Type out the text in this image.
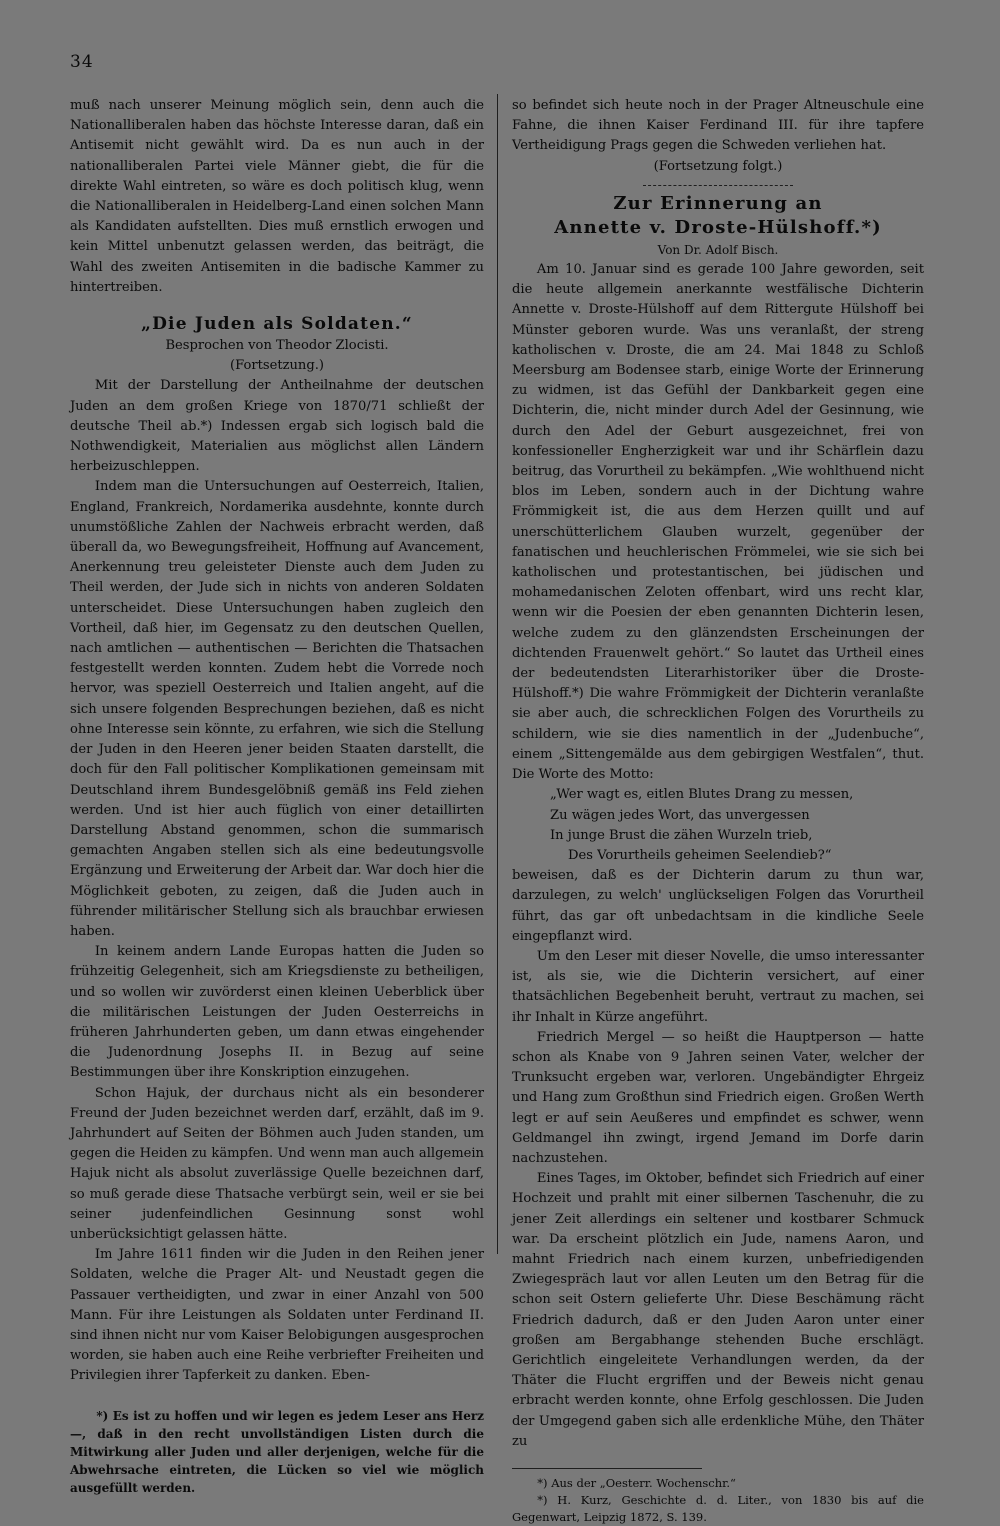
34

muß nach unserer Meinung möglich sein, denn auch die Nationalliberalen haben das höchste Interesse daran, daß ein Antisemit nicht gewählt wird. Da es nun auch in der nationalliberalen Partei viele Männer giebt, die für die direkte Wahl eintreten, so wäre es doch politisch klug, wenn die Nationalliberalen in Heidelberg-Land einen solchen Mann als Kandidaten aufstellten. Dies muß ernstlich erwogen und kein Mittel unbenutzt gelassen werden, das beiträgt, die Wahl des zweiten Antisemiten in die badische Kammer zu hintertreiben.

„Die Juden als Soldaten.“
Besprochen von Theodor Zlocisti.
(Fortsetzung.)

Mit der Darstellung der Antheilnahme der deutschen Juden an dem großen Kriege von 1870/71 schließt der deutsche Theil ab.*) Indessen ergab sich logisch bald die Nothwendigkeit, Materialien aus möglichst allen Ländern herbeizuschleppen.

Indem man die Untersuchungen auf Oesterreich, Italien, England, Frankreich, Nordamerika ausdehnte, konnte durch unumstößliche Zahlen der Nachweis erbracht werden, daß überall da, wo Bewegungsfreiheit, Hoffnung auf Avancement, Anerkennung treu geleisteter Dienste auch dem Juden zu Theil werden, der Jude sich in nichts von anderen Soldaten unterscheidet. Diese Untersuchungen haben zugleich den Vortheil, daß hier, im Gegensatz zu den deutschen Quellen, nach amtlichen — authentischen — Berichten die Thatsachen festgestellt werden konnten. Zudem hebt die Vorrede noch hervor, was speziell Oesterreich und Italien angeht, auf die sich unsere folgenden Besprechungen beziehen, daß es nicht ohne Interesse sein könnte, zu erfahren, wie sich die Stellung der Juden in den Heeren jener beiden Staaten darstellt, die doch für den Fall politischer Komplikationen gemeinsam mit Deutschland ihrem Bundesgelöbniß gemäß ins Feld ziehen werden. Und ist hier auch füglich von einer detaillirten Darstellung Abstand genommen, schon die summarisch gemachten Angaben stellen sich als eine bedeutungsvolle Ergänzung und Erweiterung der Arbeit dar. War doch hier die Möglichkeit geboten, zu zeigen, daß die Juden auch in führender militärischer Stellung sich als brauchbar erwiesen haben.

In keinem andern Lande Europas hatten die Juden so frühzeitig Gelegenheit, sich am Kriegsdienste zu betheiligen, und so wollen wir zuvörderst einen kleinen Ueberblick über die militärischen Leistungen der Juden Oesterreichs in früheren Jahrhunderten geben, um dann etwas eingehender die Judenordnung Josephs II. in Bezug auf seine Bestimmungen über ihre Konskription einzugehen.

Schon Hajuk, der durchaus nicht als ein besonderer Freund der Juden bezeichnet werden darf, erzählt, daß im 9. Jahrhundert auf Seiten der Böhmen auch Juden standen, um gegen die Heiden zu kämpfen. Und wenn man auch allgemein Hajuk nicht als absolut zuverlässige Quelle bezeichnen darf, so muß gerade diese Thatsache verbürgt sein, weil er sie bei seiner judenfeindlichen Gesinnung sonst wohl unberücksichtigt gelassen hätte.

Im Jahre 1611 finden wir die Juden in den Reihen jener Soldaten, welche die Prager Alt- und Neustadt gegen die Passauer vertheidigten, und zwar in einer Anzahl von 500 Mann. Für ihre Leistungen als Soldaten unter Ferdinand II. sind ihnen nicht nur vom Kaiser Belobigungen ausgesprochen worden, sie haben auch eine Reihe verbriefter Freiheiten und Privilegien ihrer Tapferkeit zu danken. Eben-

*) Es ist zu hoffen und wir legen es jedem Leser ans Herz —, daß in den recht unvollständigen Listen durch die Mitwirkung aller Juden und aller derjenigen, welche für die Abwehrsache eintreten, die Lücken so viel wie möglich ausgefüllt werden.

so befindet sich heute noch in der Prager Altneuschule eine Fahne, die ihnen Kaiser Ferdinand III. für ihre tapfere Vertheidigung Prags gegen die Schweden verliehen hat.

(Fortsetzung folgt.)
Zur Erinnerung an
Annette v. Droste-Hülshoff.*)
Von Dr. Adolf Bisch.

Am 10. Januar sind es gerade 100 Jahre geworden, seit die heute allgemein anerkannte westfälische Dichterin Annette v. Droste-Hülshoff auf dem Rittergute Hülshoff bei Münster geboren wurde. Was uns veranlaßt, der streng katholischen v. Droste, die am 24. Mai 1848 zu Schloß Meersburg am Bodensee starb, einige Worte der Erinnerung zu widmen, ist das Gefühl der Dankbarkeit gegen eine Dichterin, die, nicht minder durch Adel der Gesinnung, wie durch den Adel der Geburt ausgezeichnet, frei von konfessioneller Engherzigkeit war und ihr Schärflein dazu beitrug, das Vorurtheil zu bekämpfen. „Wie wohlthuend nicht blos im Leben, sondern auch in der Dichtung wahre Frömmigkeit ist, die aus dem Herzen quillt und auf unerschütterlichem Glauben wurzelt, gegenüber der fanatischen und heuchlerischen Frömmelei, wie sie sich bei katholischen und protestantischen, bei jüdischen und mohamedanischen Zeloten offenbart, wird uns recht klar, wenn wir die Poesien der eben genannten Dichterin lesen, welche zudem zu den glänzendsten Erscheinungen der dichtenden Frauenwelt gehört.“ So lautet das Urtheil eines der bedeutendsten Literarhistoriker über die Droste-Hülshoff.*) Die wahre Frömmigkeit der Dichterin veranlaßte sie aber auch, die schrecklichen Folgen des Vorurtheils zu schildern, wie sie dies namentlich in der „Judenbuche“, einem „Sittengemälde aus dem gebirgigen Westfalen“, thut. Die Worte des Motto:

„Wer wagt es, eitlen Blutes Drang zu messen,
Zu wägen jedes Wort, das unvergessen
In junge Brust die zähen Wurzeln trieb,
Des Vorurtheils geheimen Seelendieb?“

beweisen, daß es der Dichterin darum zu thun war, darzulegen, zu welch' unglückseligen Folgen das Vorurtheil führt, das gar oft unbedachtsam in die kindliche Seele eingepflanzt wird.

Um den Leser mit dieser Novelle, die umso interessanter ist, als sie, wie die Dichterin versichert, auf einer thatsächlichen Begebenheit beruht, vertraut zu machen, sei ihr Inhalt in Kürze angeführt.

Friedrich Mergel — so heißt die Hauptperson — hatte schon als Knabe von 9 Jahren seinen Vater, welcher der Trunksucht ergeben war, verloren. Ungebändigter Ehrgeiz und Hang zum Großthun sind Friedrich eigen. Großen Werth legt er auf sein Aeußeres und empfindet es schwer, wenn Geldmangel ihn zwingt, irgend Jemand im Dorfe darin nachzustehen.

Eines Tages, im Oktober, befindet sich Friedrich auf einer Hochzeit und prahlt mit einer silbernen Taschenuhr, die zu jener Zeit allerdings ein seltener und kostbarer Schmuck war. Da erscheint plötzlich ein Jude, namens Aaron, und mahnt Friedrich nach einem kurzen, unbefriedigenden Zwiegespräch laut vor allen Leuten um den Betrag für die schon seit Ostern gelieferte Uhr. Diese Beschämung rächt Friedrich dadurch, daß er den Juden Aaron unter einer großen am Bergabhange stehenden Buche erschlägt. Gerichtlich eingeleitete Verhandlungen werden, da der Thäter die Flucht ergriffen und der Beweis nicht genau erbracht werden konnte, ohne Erfolg geschlossen. Die Juden der Umgegend gaben sich alle erdenkliche Mühe, den Thäter zu

*) Aus der „Oesterr. Wochenschr.“
*) H. Kurz, Geschichte d. d. Liter., von 1830 bis auf die Gegenwart, Leipzig 1872, S. 139.
